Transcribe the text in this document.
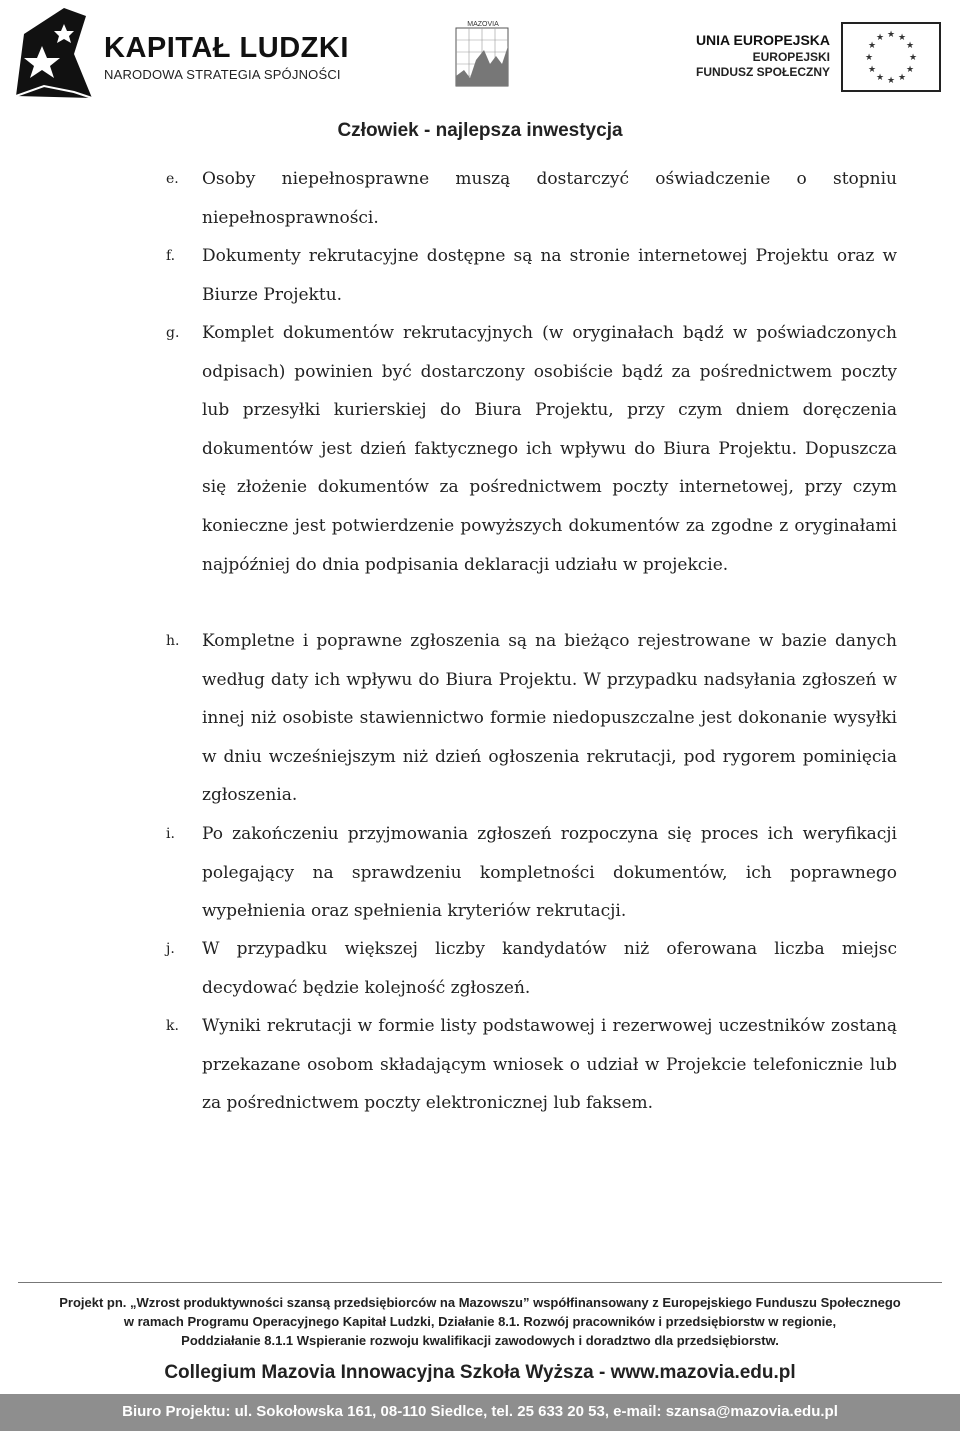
KAPITAŁ LUDZKI
NARODOWA STRATEGIA SPÓJNOŚCI
MAZOVIA
UNIA EUROPEJSKA
EUROPEJSKI
FUNDUSZ SPOŁECZNY
★ ★
★
★
★
★
★
★
★
★
★
★
Człowiek - najlepsza inwestycja
e. Osoby niepełnosprawne muszą dostarczyć oświadczenie o stopniu niepełnosprawności.

f. Dokumenty rekrutacyjne dostępne są na stronie internetowej Projektu oraz w Biurze Projektu.

g. Komplet dokumentów rekrutacyjnych (w oryginałach bądź w poświadczonych odpisach) powinien być dostarczony osobiście bądź za pośrednictwem poczty lub przesyłki kurierskiej do Biura Projektu, przy czym dniem doręczenia dokumentów jest dzień faktycznego ich wpływu do Biura Projektu. Dopuszcza się złożenie dokumentów za pośrednictwem poczty internetowej, przy czym konieczne jest potwierdzenie powyższych dokumentów za zgodne z oryginałami najpóźniej do dnia podpisania deklaracji udziału w projekcie.

h. Kompletne i poprawne zgłoszenia są na bieżąco rejestrowane w bazie danych według daty ich wpływu do Biura Projektu. W przypadku nadsyłania zgłoszeń w innej niż osobiste stawiennictwo formie niedopuszczalne jest dokonanie wysyłki w dniu wcześniejszym niż dzień ogłoszenia rekrutacji, pod rygorem pominięcia zgłoszenia.

i. Po zakończeniu przyjmowania zgłoszeń rozpoczyna się proces ich weryfikacji polegający na sprawdzeniu kompletności dokumentów, ich poprawnego wypełnienia oraz spełnienia kryteriów rekrutacji.

j. W przypadku większej liczby kandydatów niż oferowana liczba miejsc decydować będzie kolejność zgłoszeń.

k. Wyniki rekrutacji w formie listy podstawowej i rezerwowej uczestników zostaną przekazane osobom składającym wniosek o udział w Projekcie telefonicznie lub za pośrednictwem poczty elektronicznej lub faksem.

Projekt pn. „Wzrost produktywności szansą przedsiębiorców na Mazowszu” współfinansowany z Europejskiego Funduszu Społecznego
w ramach Programu Operacyjnego Kapitał Ludzki, Działanie 8.1. Rozwój pracowników i przedsiębiorstw w regionie,
Poddziałanie 8.1.1 Wspieranie rozwoju kwalifikacji zawodowych i doradztwo dla przedsiębiorstw.
Collegium Mazovia Innowacyjna Szkoła Wyższa - www.mazovia.edu.pl
Biuro Projektu: ul. Sokołowska 161, 08-110 Siedlce, tel. 25 633 20 53, e-mail: szansa@mazovia.edu.pl
